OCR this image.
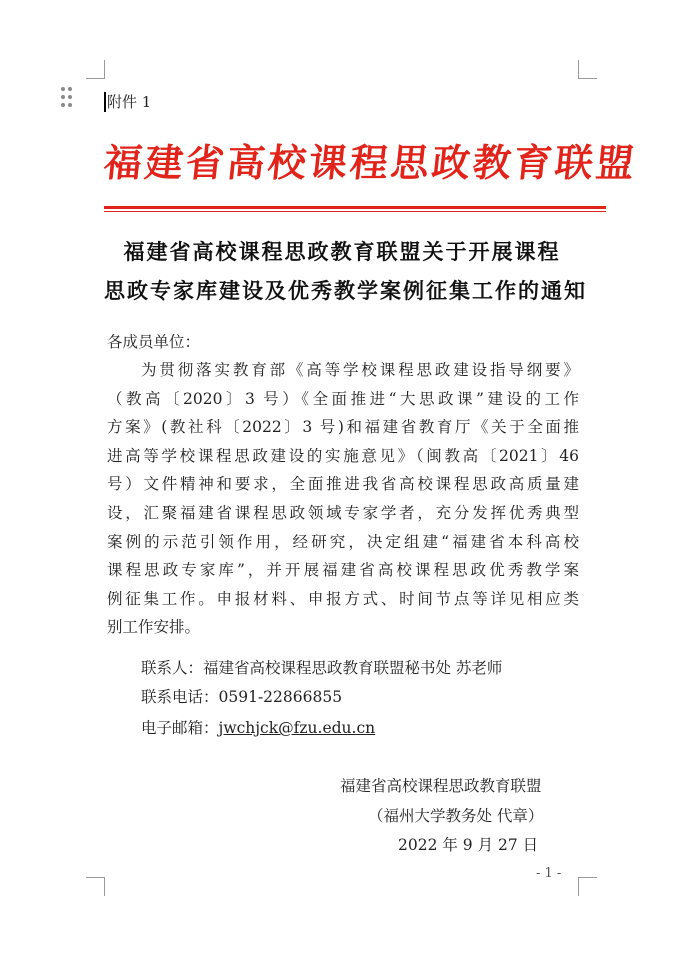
附件 1
福建省高校课程思政教育联盟
福建省高校课程思政教育联盟关于开展课程
思政专家库建设及优秀教学案例征集工作的通知
各成员单位：
为贯彻落实教育部《高等学校课程思政建设指导纲要》
（教高〔2020〕3 号）《全面推进“大思政课”建设的工作
方案》(教社科〔2022〕3 号)和福建省教育厅《关于全面推
进高等学校课程思政建设的实施意见》（闽教高〔2021〕46
号）文件精神和要求，全面推进我省高校课程思政高质量建
设，汇聚福建省课程思政领域专家学者，充分发挥优秀典型
案例的示范引领作用，经研究，决定组建“福建省本科高校
课程思政专家库”，并开展福建省高校课程思政优秀教学案
例征集工作。申报材料、申报方式、时间节点等详见相应类
别工作安排。
联系人：福建省高校课程思政教育联盟秘书处 苏老师
联系电话：0591-22866855
电子邮箱：jwchjck@fzu.edu.cn
福建省高校课程思政教育联盟
（福州大学教务处 代章）
2022 年 9 月 27 日
- 1 -
